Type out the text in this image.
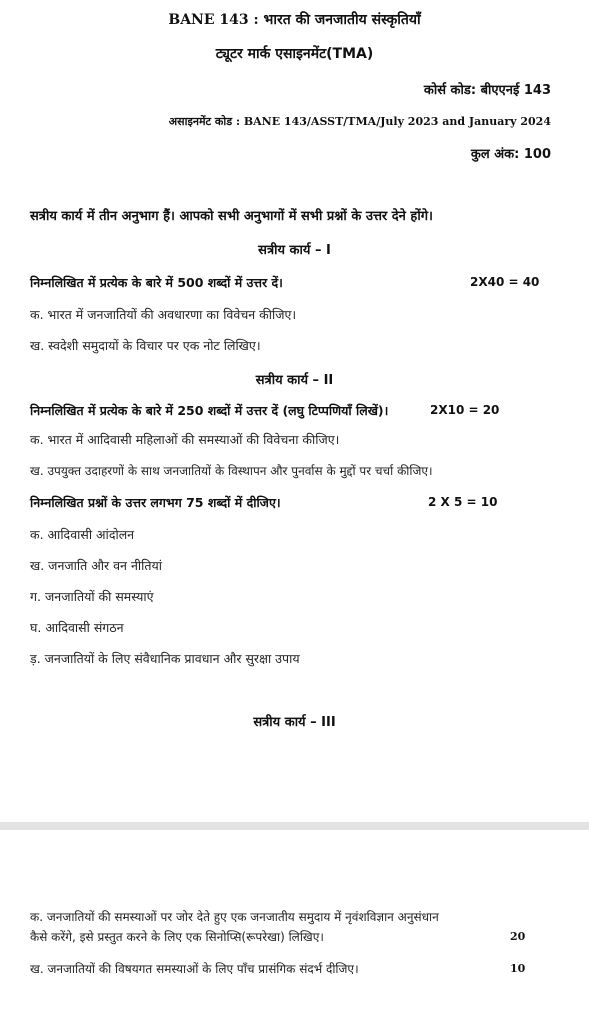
BANE 143 : भारत की जनजातीय संस्कृतियाँ
ट्यूटर मार्क एसाइनमेंट(TMA)
कोर्स कोड: बीएएनई 143
असाइनमेंट कोड : BANE 143/ASST/TMA/July 2023 and January 2024
कुल अंक: 100
सत्रीय कार्य में तीन अनुभाग हैं। आपको सभी अनुभागों में सभी प्रश्नों के उत्तर देने होंगे।
सत्रीय कार्य – I
निम्नलिखित में प्रत्येक के बारे में 500 शब्दों में उत्तर दें।	2X40 = 40
क. भारत में जनजातियों की अवधारणा का विवेचन कीजिए।
ख. स्वदेशी समुदायों के विचार पर एक नोट लिखिए।
सत्रीय कार्य – II
निम्नलिखित में प्रत्येक के बारे में 250 शब्दों में उत्तर दें (लघु टिप्पणियाँ लिखें)।	2X10 = 20
क. भारत में आदिवासी महिलाओं की समस्याओं की विवेचना कीजिए।
ख. उपयुक्त उदाहरणों के साथ जनजातियों के विस्थापन और पुनर्वास के मुद्दों पर चर्चा कीजिए।
निम्नलिखित प्रश्नों के उत्तर लगभग 75 शब्दों में दीजिए।	2 X 5 = 10
क. आदिवासी आंदोलन
ख. जनजाति और वन नीतियां
ग. जनजातियों की समस्याएं
घ. आदिवासी संगठन
ड़. जनजातियों के लिए संवैधानिक प्रावधान और सुरक्षा उपाय
सत्रीय कार्य – III
क. जनजातियों की समस्याओं पर जोर देते हुए एक जनजातीय समुदाय में नृवंशविज्ञान अनुसंधान
कैसे करेंगे, इसे प्रस्तुत करने के लिए एक सिनोप्सि(रूपरेखा) लिखिए।	20
ख. जनजातियों की विषयगत समस्याओं के लिए पाँच प्रासंगिक संदर्भ दीजिए।	10
